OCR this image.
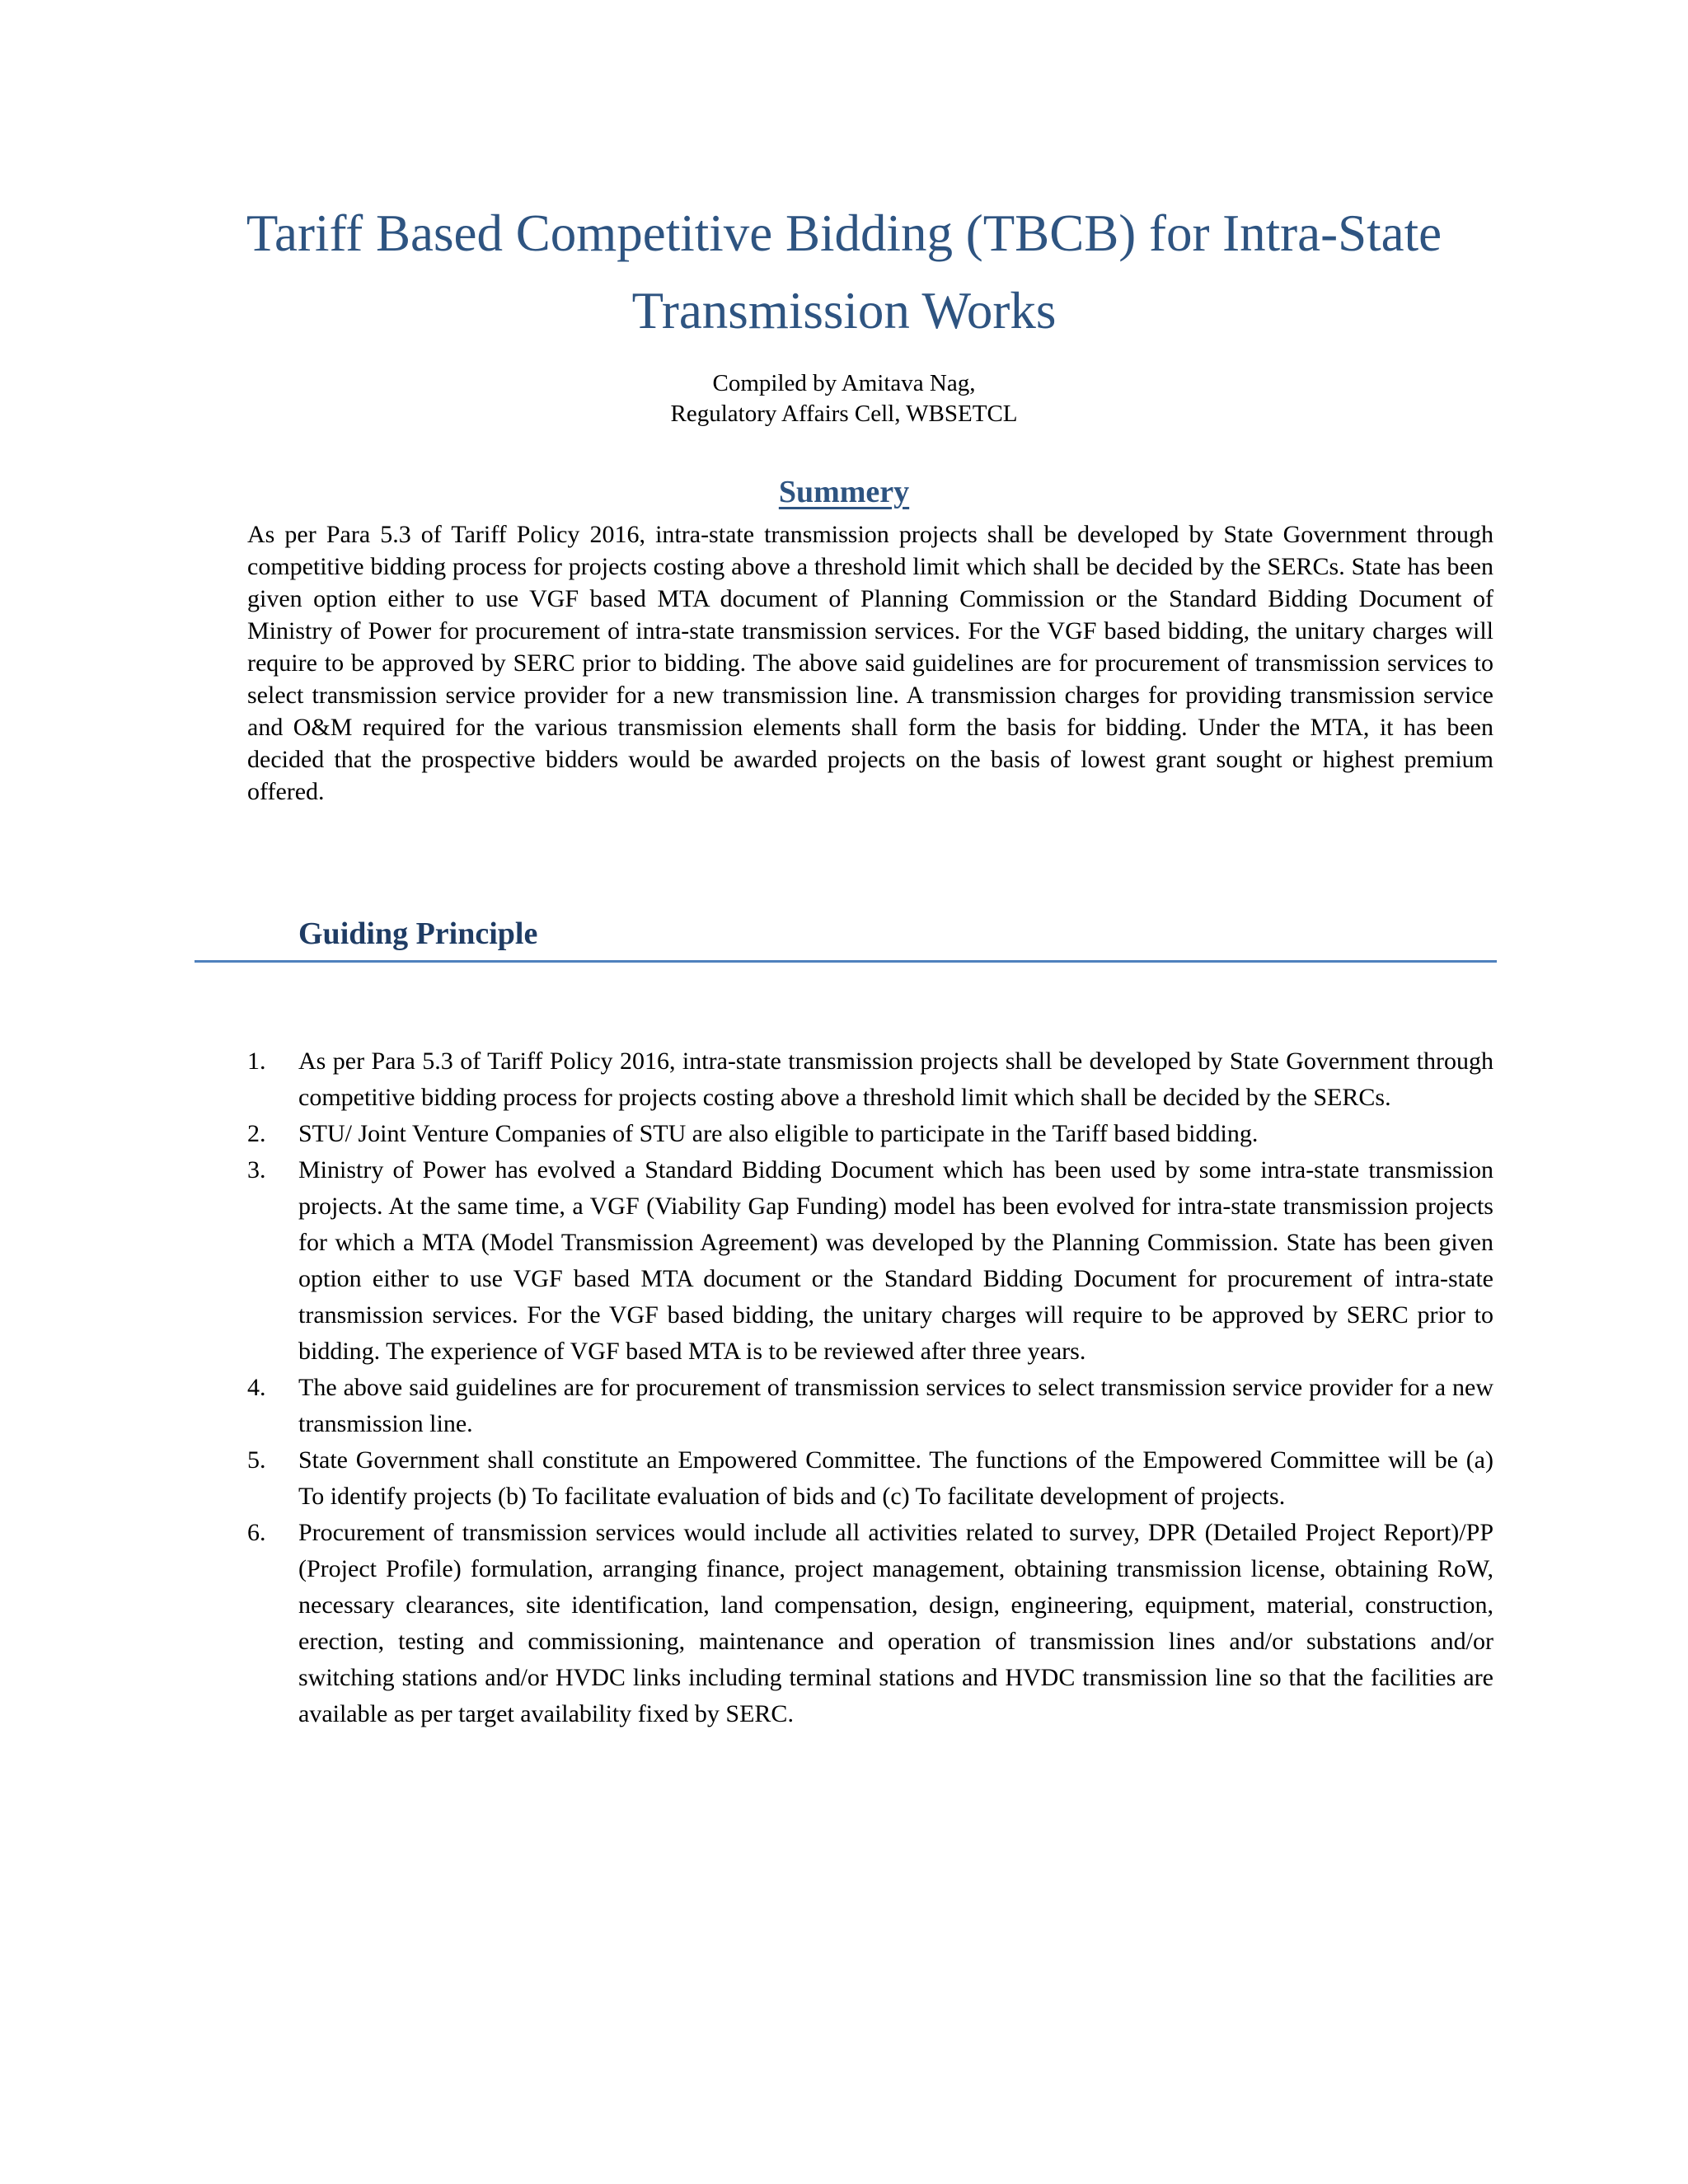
Tariff Based Competitive Bidding (TBCB) for Intra-State
Transmission Works
Compiled by Amitava Nag,
Regulatory Affairs Cell, WBSETCL
Summery

As per Para 5.3 of Tariff Policy 2016, intra-state transmission projects shall be developed by State Government through competitive bidding process for projects costing above a threshold limit which shall be decided by the SERCs. State has been given option either to use VGF based MTA document of Planning Commission or the Standard Bidding Document of Ministry of Power for procurement of intra-state transmission services. For the VGF based bidding, the unitary charges will require to be approved by SERC prior to bidding. The above said guidelines are for procurement of transmission services to select transmission service provider for a new transmission line. A transmission charges for providing transmission service and O&M required for the various transmission elements shall form the basis for bidding. Under the MTA, it has been decided that the prospective bidders would be awarded projects on the basis of lowest grant sought or highest premium offered.

Guiding Principle
1. As per Para 5.3 of Tariff Policy 2016, intra-state transmission projects shall be developed by State Government through competitive bidding process for projects costing above a threshold limit which shall be decided by the SERCs.
2. STU/ Joint Venture Companies of STU are also eligible to participate in the Tariff based bidding.
3. Ministry of Power has evolved a Standard Bidding Document which has been used by some intra-state transmission projects. At the same time, a VGF (Viability Gap Funding) model has been evolved for intra-state transmission projects for which a MTA (Model Transmission Agreement) was developed by the Planning Commission. State has been given option either to use VGF based MTA document or the Standard Bidding Document for procurement of intra-state transmission services. For the VGF based bidding, the unitary charges will require to be approved by SERC prior to bidding. The experience of VGF based MTA is to be reviewed after three years.
4. The above said guidelines are for procurement of transmission services to select transmission service provider for a new transmission line.
5. State Government shall constitute an Empowered Committee. The functions of the Empowered Committee will be (a) To identify projects (b) To facilitate evaluation of bids and (c) To facilitate development of projects.
6. Procurement of transmission services would include all activities related to survey, DPR (Detailed Project Report)/PP (Project Profile) formulation, arranging finance, project management, obtaining transmission license, obtaining RoW, necessary clearances, site identification, land compensation, design, engineering, equipment, material, construction, erection, testing and commissioning, maintenance and operation of transmission lines and/or substations and/or switching stations and/or HVDC links including terminal stations and HVDC transmission line so that the facilities are available as per target availability fixed by SERC.
